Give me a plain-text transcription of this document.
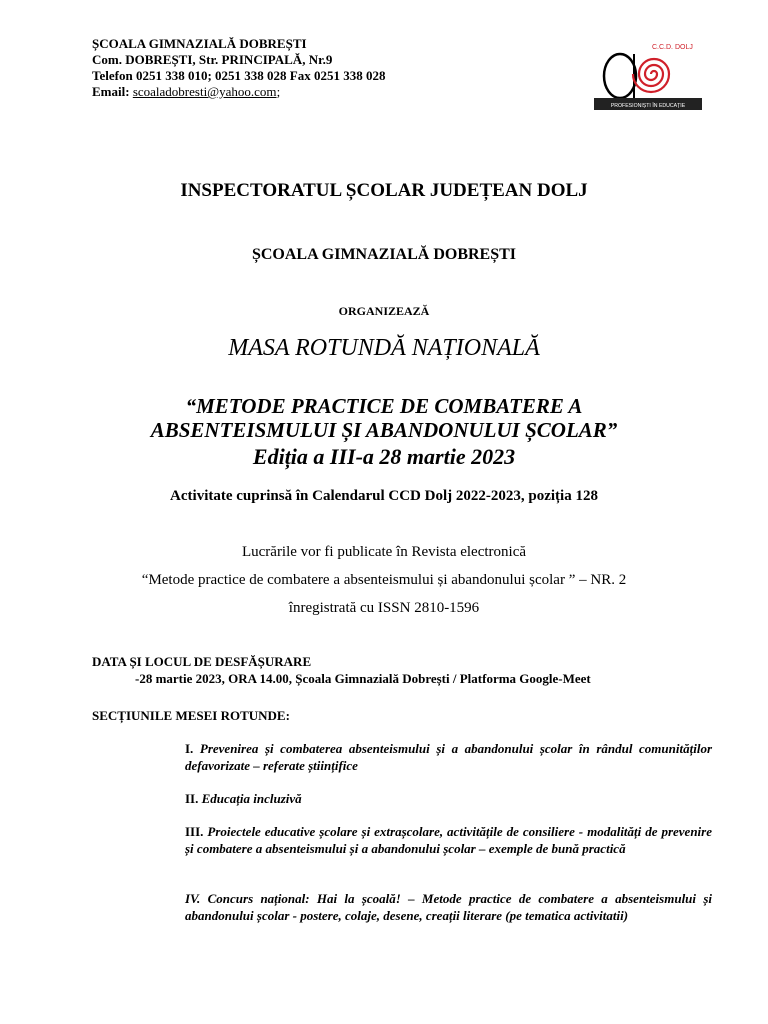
ȘCOALA GIMNAZIALĂ DOBREȘTI
Com. DOBREȘTI, Str. PRINCIPALĂ, Nr.9
Telefon 0251 338 010; 0251 338 028 Fax 0251 338 028
Email: scoaladobresti@yahoo.com;
C.C.D. DOLJ
PROFESIONIȘTI ÎN EDUCAȚIE
INSPECTORATUL ȘCOLAR JUDEȚEAN DOLJ
ȘCOALA GIMNAZIALĂ DOBREȘTI
ORGANIZEAZĂ
MASA ROTUNDĂ NAȚIONALĂ
“METODE PRACTICE DE COMBATERE A
ABSENTEISMULUI ȘI ABANDONULUI ȘCOLAR”
Ediția a III-a 28 martie 2023
Activitate cuprinsă în Calendarul CCD Dolj 2022-2023, poziția 128
Lucrările vor fi publicate în Revista electronică
“Metode practice de combatere a absenteismului și abandonului școlar ” – NR. 2
înregistrată cu ISSN 2810-1596
DATA ȘI LOCUL DE DESFĂȘURARE
-28 martie 2023, ORA 14.00, Școala Gimnazială Dobrești / Platforma Google-Meet
SECȚIUNILE MESEI ROTUNDE:
I. Prevenirea și combaterea absenteismului și a abandonului școlar în rândul comunităților defavorizate – referate științifice
II. Educația incluzivă
III. Proiectele educative școlare și extrașcolare, activitățile de consiliere - modalități de prevenire și combatere a absenteismului și a abandonului școlar – exemple de bună practică
IV. Concurs național: Hai la școală! – Metode practice de combatere a absenteismului și abandonului școlar - postere, colaje, desene, creații literare (pe tematica activitatii)
